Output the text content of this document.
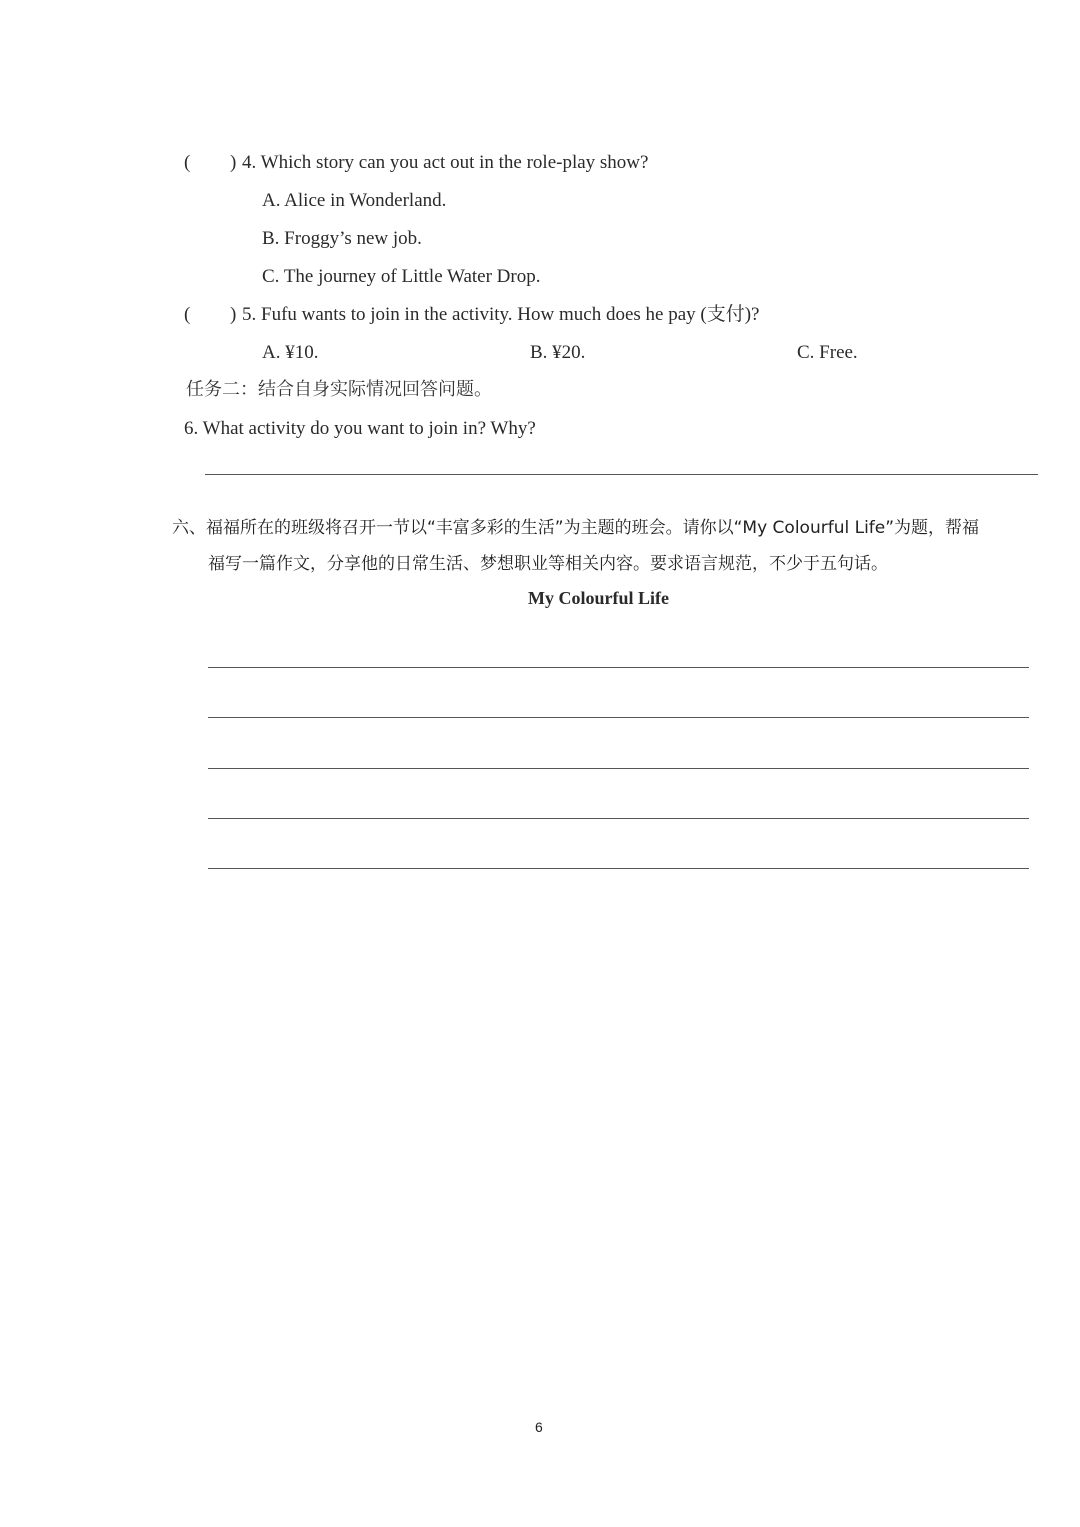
( ) 4. Which story can you act out in the role-play show?
A. Alice in Wonderland.
B. Froggy’s new job.
C. The journey of Little Water Drop.
( ) 5. Fufu wants to join in the activity. How much does he pay (支付)?
A. ¥10.	B. ¥20.	C. Free.
任务二：结合自身实际情况回答问题。
6. What activity do you want to join in? Why?
六、福福所在的班级将召开一节以“丰富多彩的生活”为主题的班会。请你以“My Colourful Life”为题，帮福
福写一篇作文，分享他的日常生活、梦想职业等相关内容。要求语言规范，不少于五句话。
My Colourful Life
6
